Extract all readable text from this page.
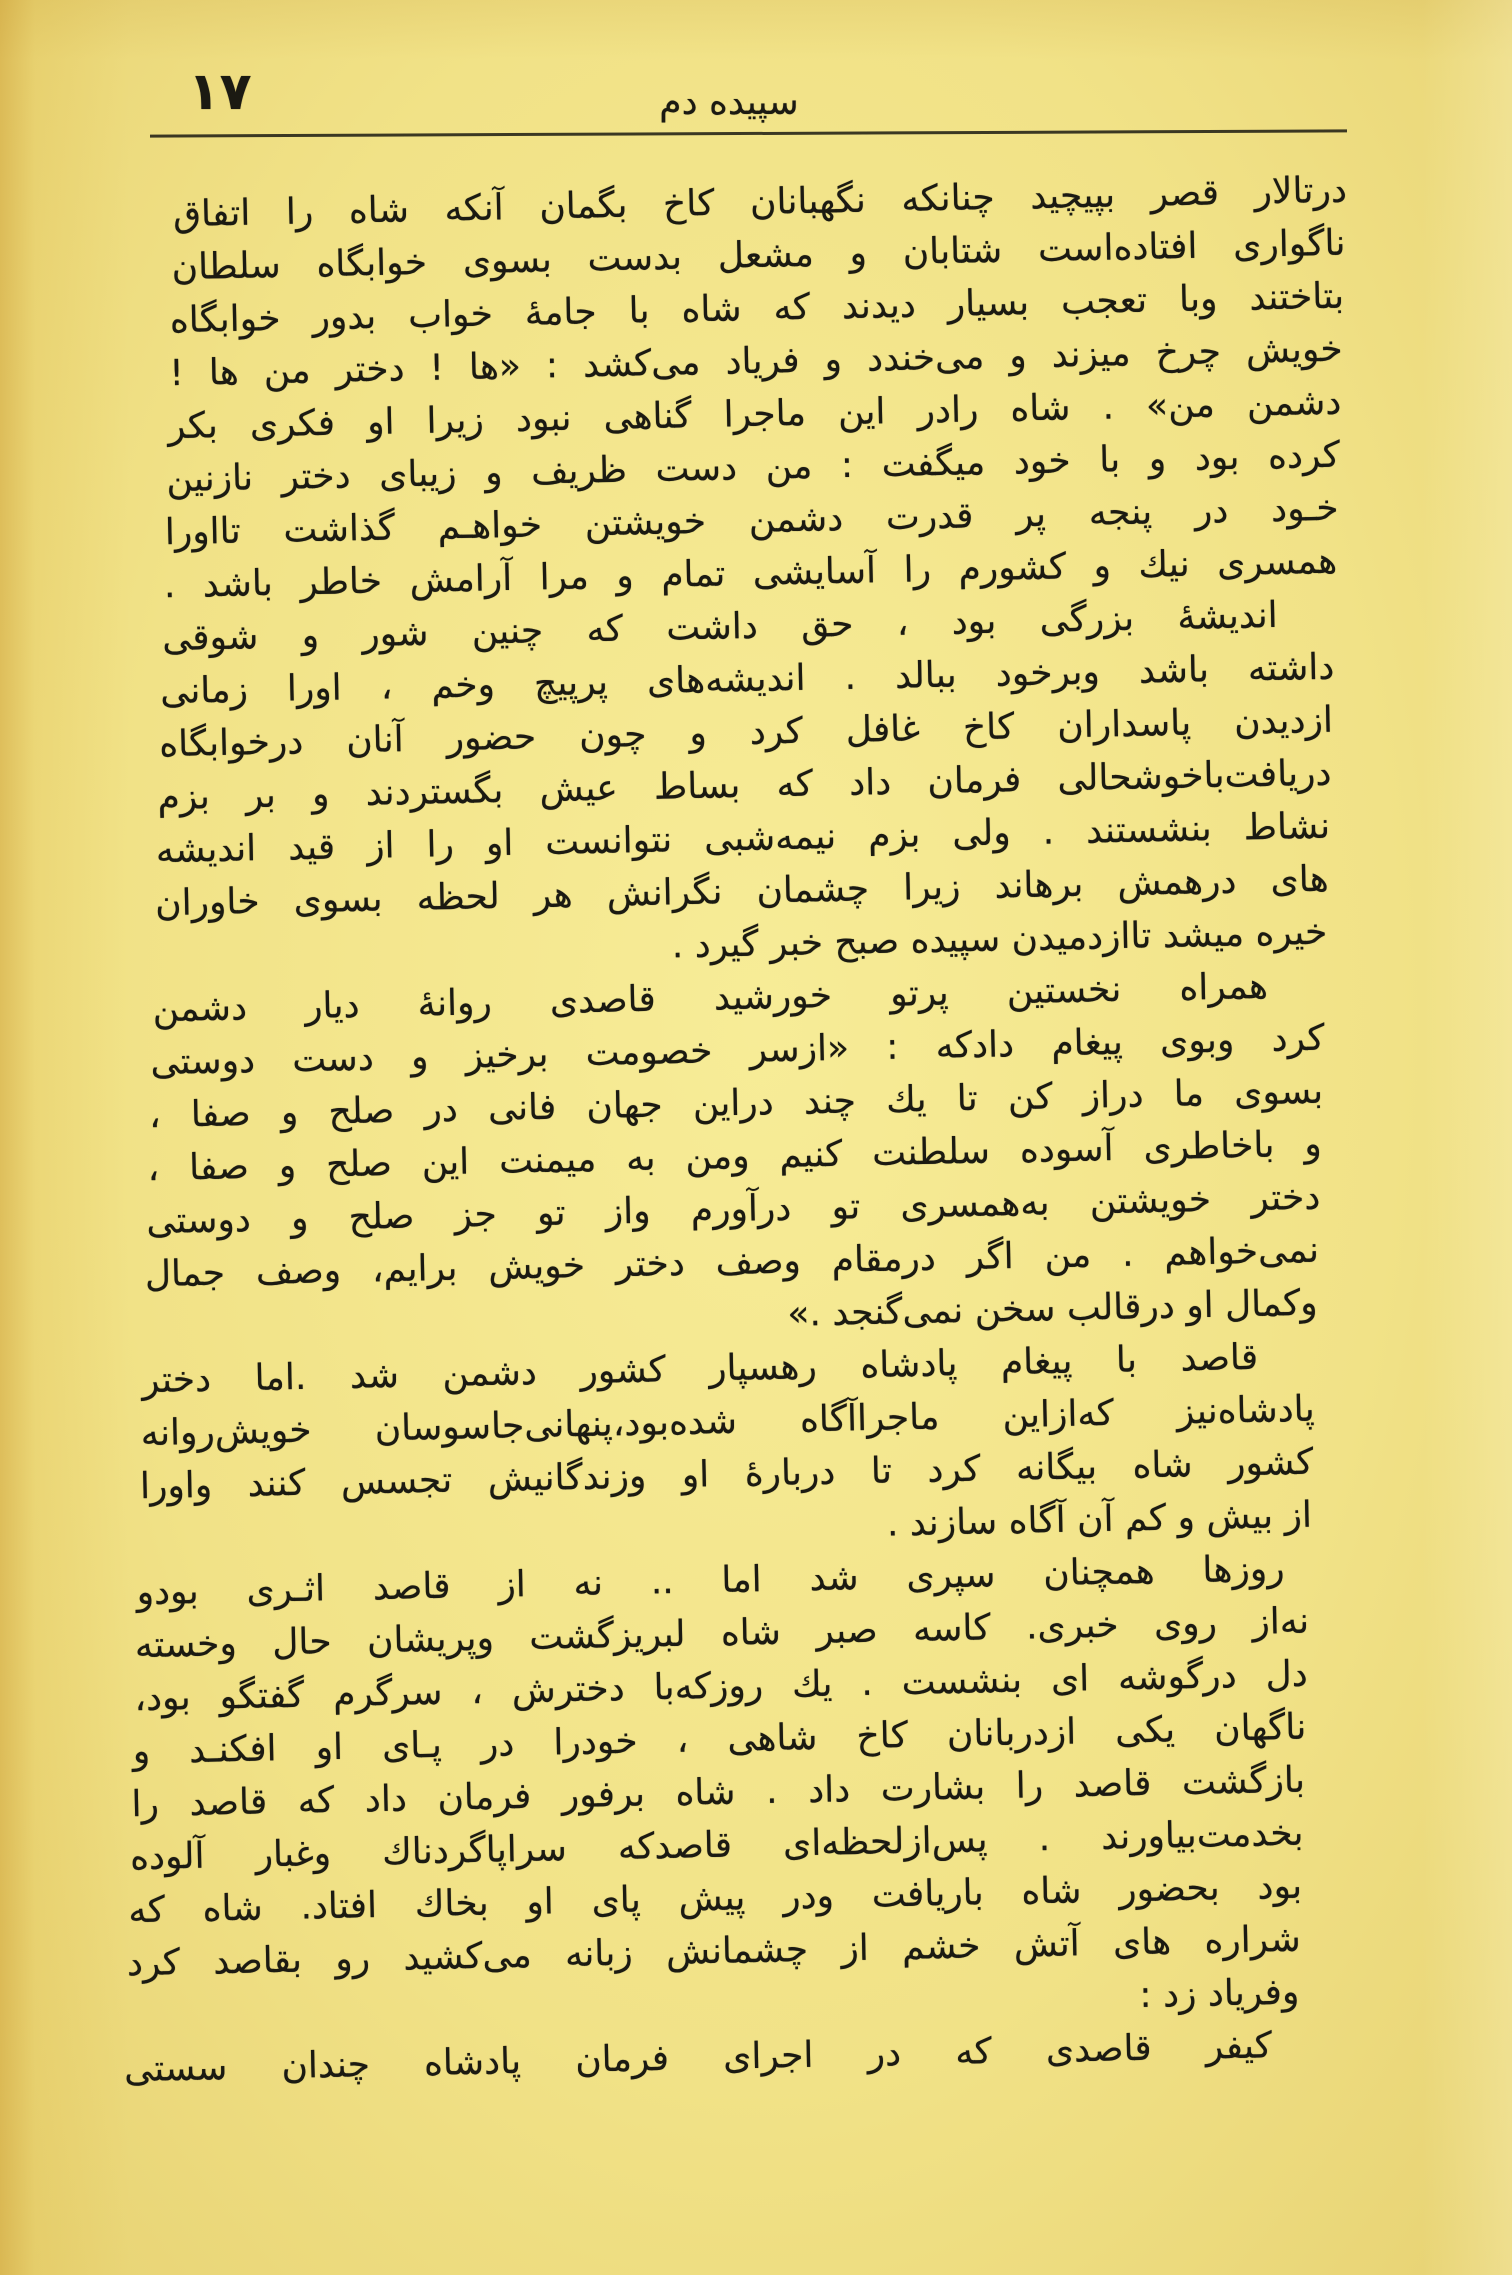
۱۷	سپیده دم
درتالار قصر بپیچید چنانکه نگهبانان کاخ بگمان آنکه شاه را اتفاق
ناگواری افتاده‌است شتابان و مشعل بدست بسوی خوابگاه سلطان
بتاختند وبا تعجب بسیار دیدند که شاه با جامهٔ خواب بدور خوابگاه
خویش چرخ میزند و می‌خندد و فریاد می‌کشد : «ها ! دختر من ها !
دشمن من» . شاه رادر این ماجرا گناهی نبود زیرا او فکری بکر
کرده بود و با خود میگفت : من دست ظریف و زیبای دختر نازنین
خـود در پنجه پر قدرت دشمن خویشتن خواهـم گذاشت تااورا
همسری نیك و کشورم را آسایشی تمام و مرا آرامش خاطر باشد .
اندیشهٔ بزرگی بود ، حق داشت که چنین شور و شوقی
داشته باشد وبرخود ببالد . اندیشه‌های پرپیچ وخم ، اورا زمانی
ازدیدن پاسداران کاخ غافل کرد و چون حضور آنان درخوابگاه
دریافت‌باخوشحالی فرمان داد که بساط عیش بگستردند و بر بزم
نشاط بنشستند . ولی بزم نیمه‌شبی نتوانست او را از قید اندیشه
های درهمش برهاند زیرا چشمان نگرانش هر لحظه بسوی خاوران
خیره میشد تاازدمیدن سپیده صبح خبر گیرد .
همراه نخستین پرتو خورشید قاصدی روانهٔ دیار دشمن
کرد وبوی پیغام دادکه : «ازسر خصومت برخیز و دست دوستی
بسوی ما دراز کن تا یك چند دراین جهان فانی در صلح و صفا ،
و باخاطری آسوده سلطنت کنیم ومن به میمنت این صلح و صفا ،
دختر خویشتن به‌همسری تو درآورم واز تو جز صلح و دوستی
نمی‌خواهم . من اگر درمقام وصف دختر خویش برایم، وصف جمال
وکمال او درقالب سخن نمی‌گنجد .»
قاصد با پیغام پادشاه رهسپار کشور دشمن شد .اما دختر
پادشاه‌نیز که‌ازاین ماجراآگاه شده‌بود،پنهانی‌جاسوسان خویش‌روانه
کشور شاه بیگانه کرد تا دربارهٔ او وزندگانیش تجسس کنند واورا
از بیش و کم آن آگاه سازند .
روزها همچنان سپری شد اما .. نه از قاصد اثـری بودو
نه‌از روی خبری. کاسه صبر شاه لبریزگشت وپریشان حال وخسته
دل درگوشه ای بنشست . یك روزکه‌با دخترش ، سرگرم گفتگو بود،
ناگهان یکی ازدربانان کاخ شاهی ، خودرا در پـای او افکنـد و
بازگشت قاصد را بشارت داد . شاه برفور فرمان داد که قاصد را
بخدمت‌بیاورند . پس‌ازلحظه‌ای قاصدکه سراپاگردناك وغبار آلوده
بود بحضور شاه باریافت ودر پیش پای او بخاك افتاد. شاه که
شراره های آتش خشم از چشمانش زبانه می‌کشید رو بقاصد کرد
وفریاد زد :
کیفر قاصدی که در اجرای فرمان پادشاه چندان سستی
